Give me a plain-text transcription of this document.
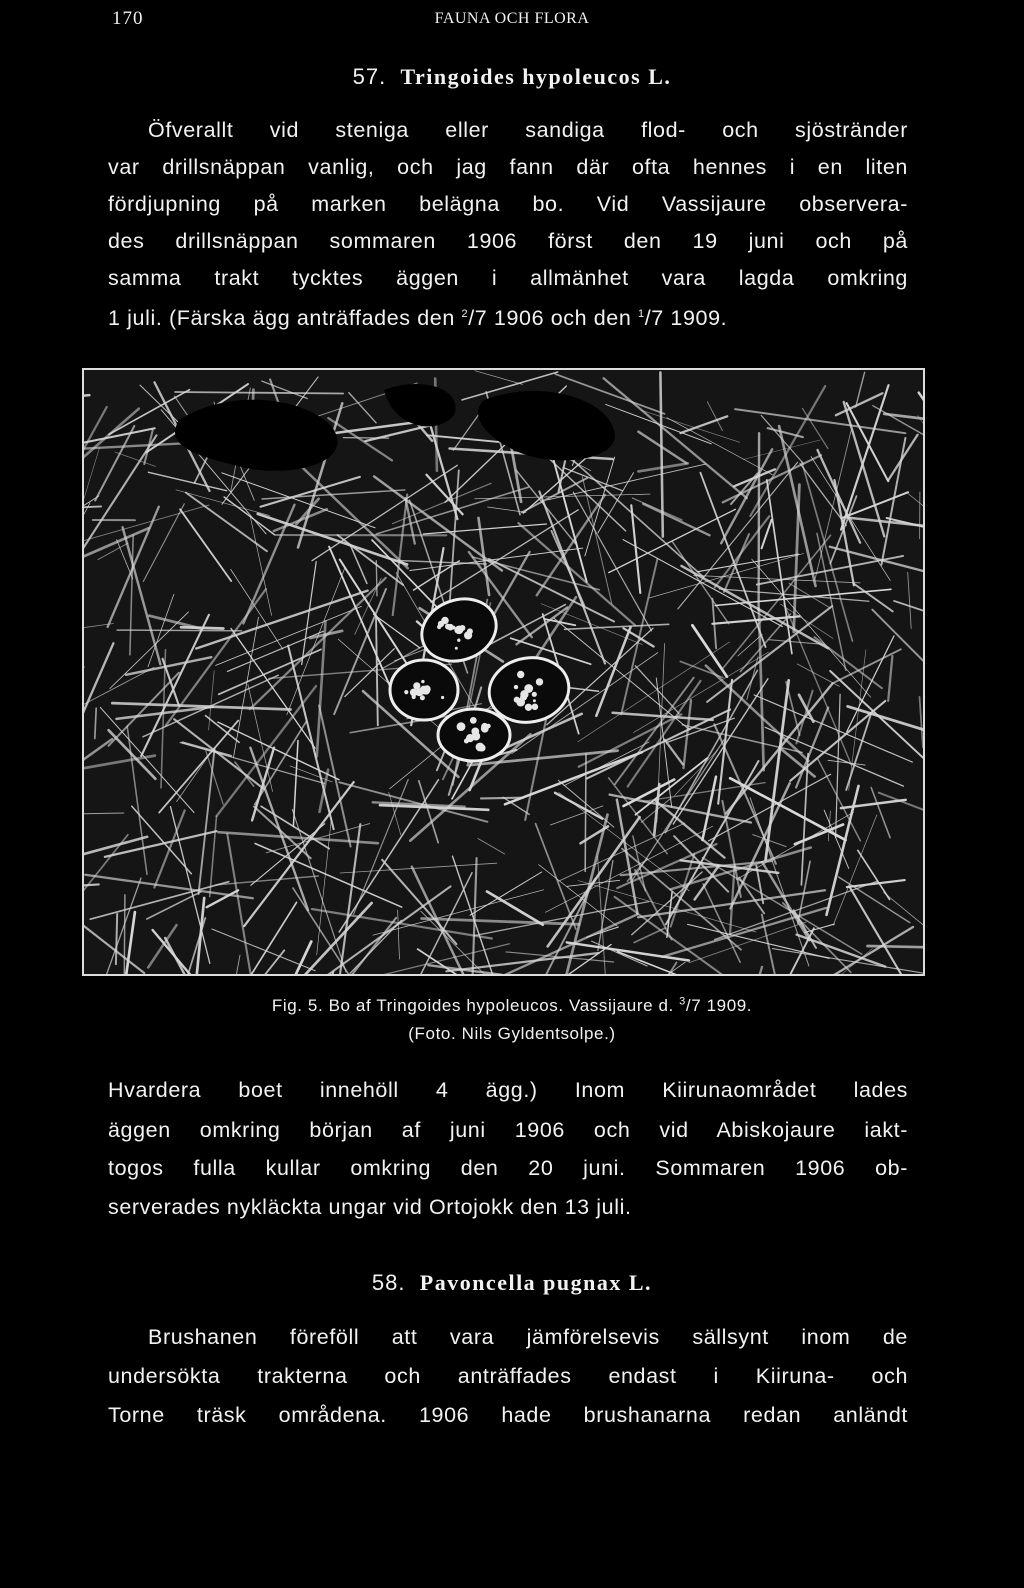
170	FAUNA OCH FLORA
57. Tringoides hypoleucos L.
Öfverallt vid steniga eller sandiga flod- och sjöstränder
var drillsnäppan vanlig, och jag fann där ofta hennes i en liten
fördjupning på marken belägna bo. Vid Vassijaure observera-
des drillsnäppan sommaren 1906 först den 19 juni och på
samma trakt tycktes äggen i allmänhet vara lagda omkring
1 juli. (Färska ägg anträffades den $^2$/7 1906 och den $^1$/7 1909.
Fig. 5. Bo af Tringoides hypoleucos. Vassijaure d. $^3$/7 1909.
(Foto. Nils Gyldentsolpe.)
Hvardera boet innehöll 4 ägg.) Inom Kiirunaområdet lades
äggen omkring början af juni 1906 och vid Abiskojaure iakt-
togos fulla kullar omkring den 20 juni. Sommaren 1906 ob-
serverades nykläckta ungar vid Ortojokk den 13 juli.
58. Pavoncella pugnax L.
Brushanen föreföll att vara jämförelsevis sällsynt inom de
undersökta trakterna och anträffades endast i Kiiruna- och
Torne träsk områdena. 1906 hade brushanarna redan anländt
